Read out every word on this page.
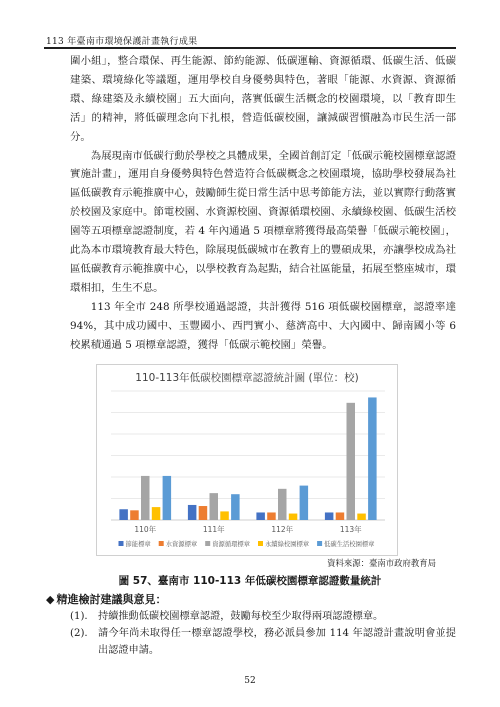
113 年臺南市環境保護計畫執行成果

圍小組」，整合環保、再生能源、節約能源、低碳運輸、資源循環、低碳生活、低碳建築、環境綠化等議題，運用學校自身優勢與特色，著眼「能源、水資源、資源循環、綠建築及永續校園」五大面向，落實低碳生活概念的校園環境，以「教育即生活」的精神，將低碳理念向下扎根，營造低碳校園，讓減碳習慣融為市民生活一部分。

為展現南市低碳行動於學校之具體成果，全國首創訂定「低碳示範校園標章認證實施計畫」，運用自身優勢與特色營造符合低碳概念之校園環境，協助學校發展為社區低碳教育示範推廣中心，鼓勵師生從日常生活中思考節能方法，並以實際行動落實於校園及家庭中。節電校園、水資源校園、資源循環校園、永續綠校園、低碳生活校園等五項標章認證制度，若 4 年內通過 5 項標章將獲得最高榮譽「低碳示範校園」，此為本市環境教育最大特色，除展現低碳城市在教育上的豐碩成果，亦讓學校成為社區低碳教育示範推廣中心，以學校教育為起點，結合社區能量，拓展至整座城市，環環相扣，生生不息。

113 年全市 248 所學校通過認證，共計獲得 516 項低碳校園標章，認證率達 94%，其中成功國中、玉豐國小、西門實小、慈濟高中、大內國中、歸南國小等 6 校累積通過 5 項標章認證，獲得「低碳示範校園」榮譽。

110-113年低碳校園標章認證統計圖 (單位：校)
110年	111年	112年	113年
節能標章 水資源標章 資源循環標章 永續綠校園標章 低碳生活校園標章
資料來源：臺南市政府教育局
圖 57、臺南市 110-113 年低碳校園標章認證數量統計
◆ 精進檢討建議與意見：
(1).	持續推動低碳校園標章認證，鼓勵每校至少取得兩項認證標章。
(2).	請今年尚未取得任一標章認證學校，務必派員參加 114 年認證計畫說明會並提出認證申請。
52
